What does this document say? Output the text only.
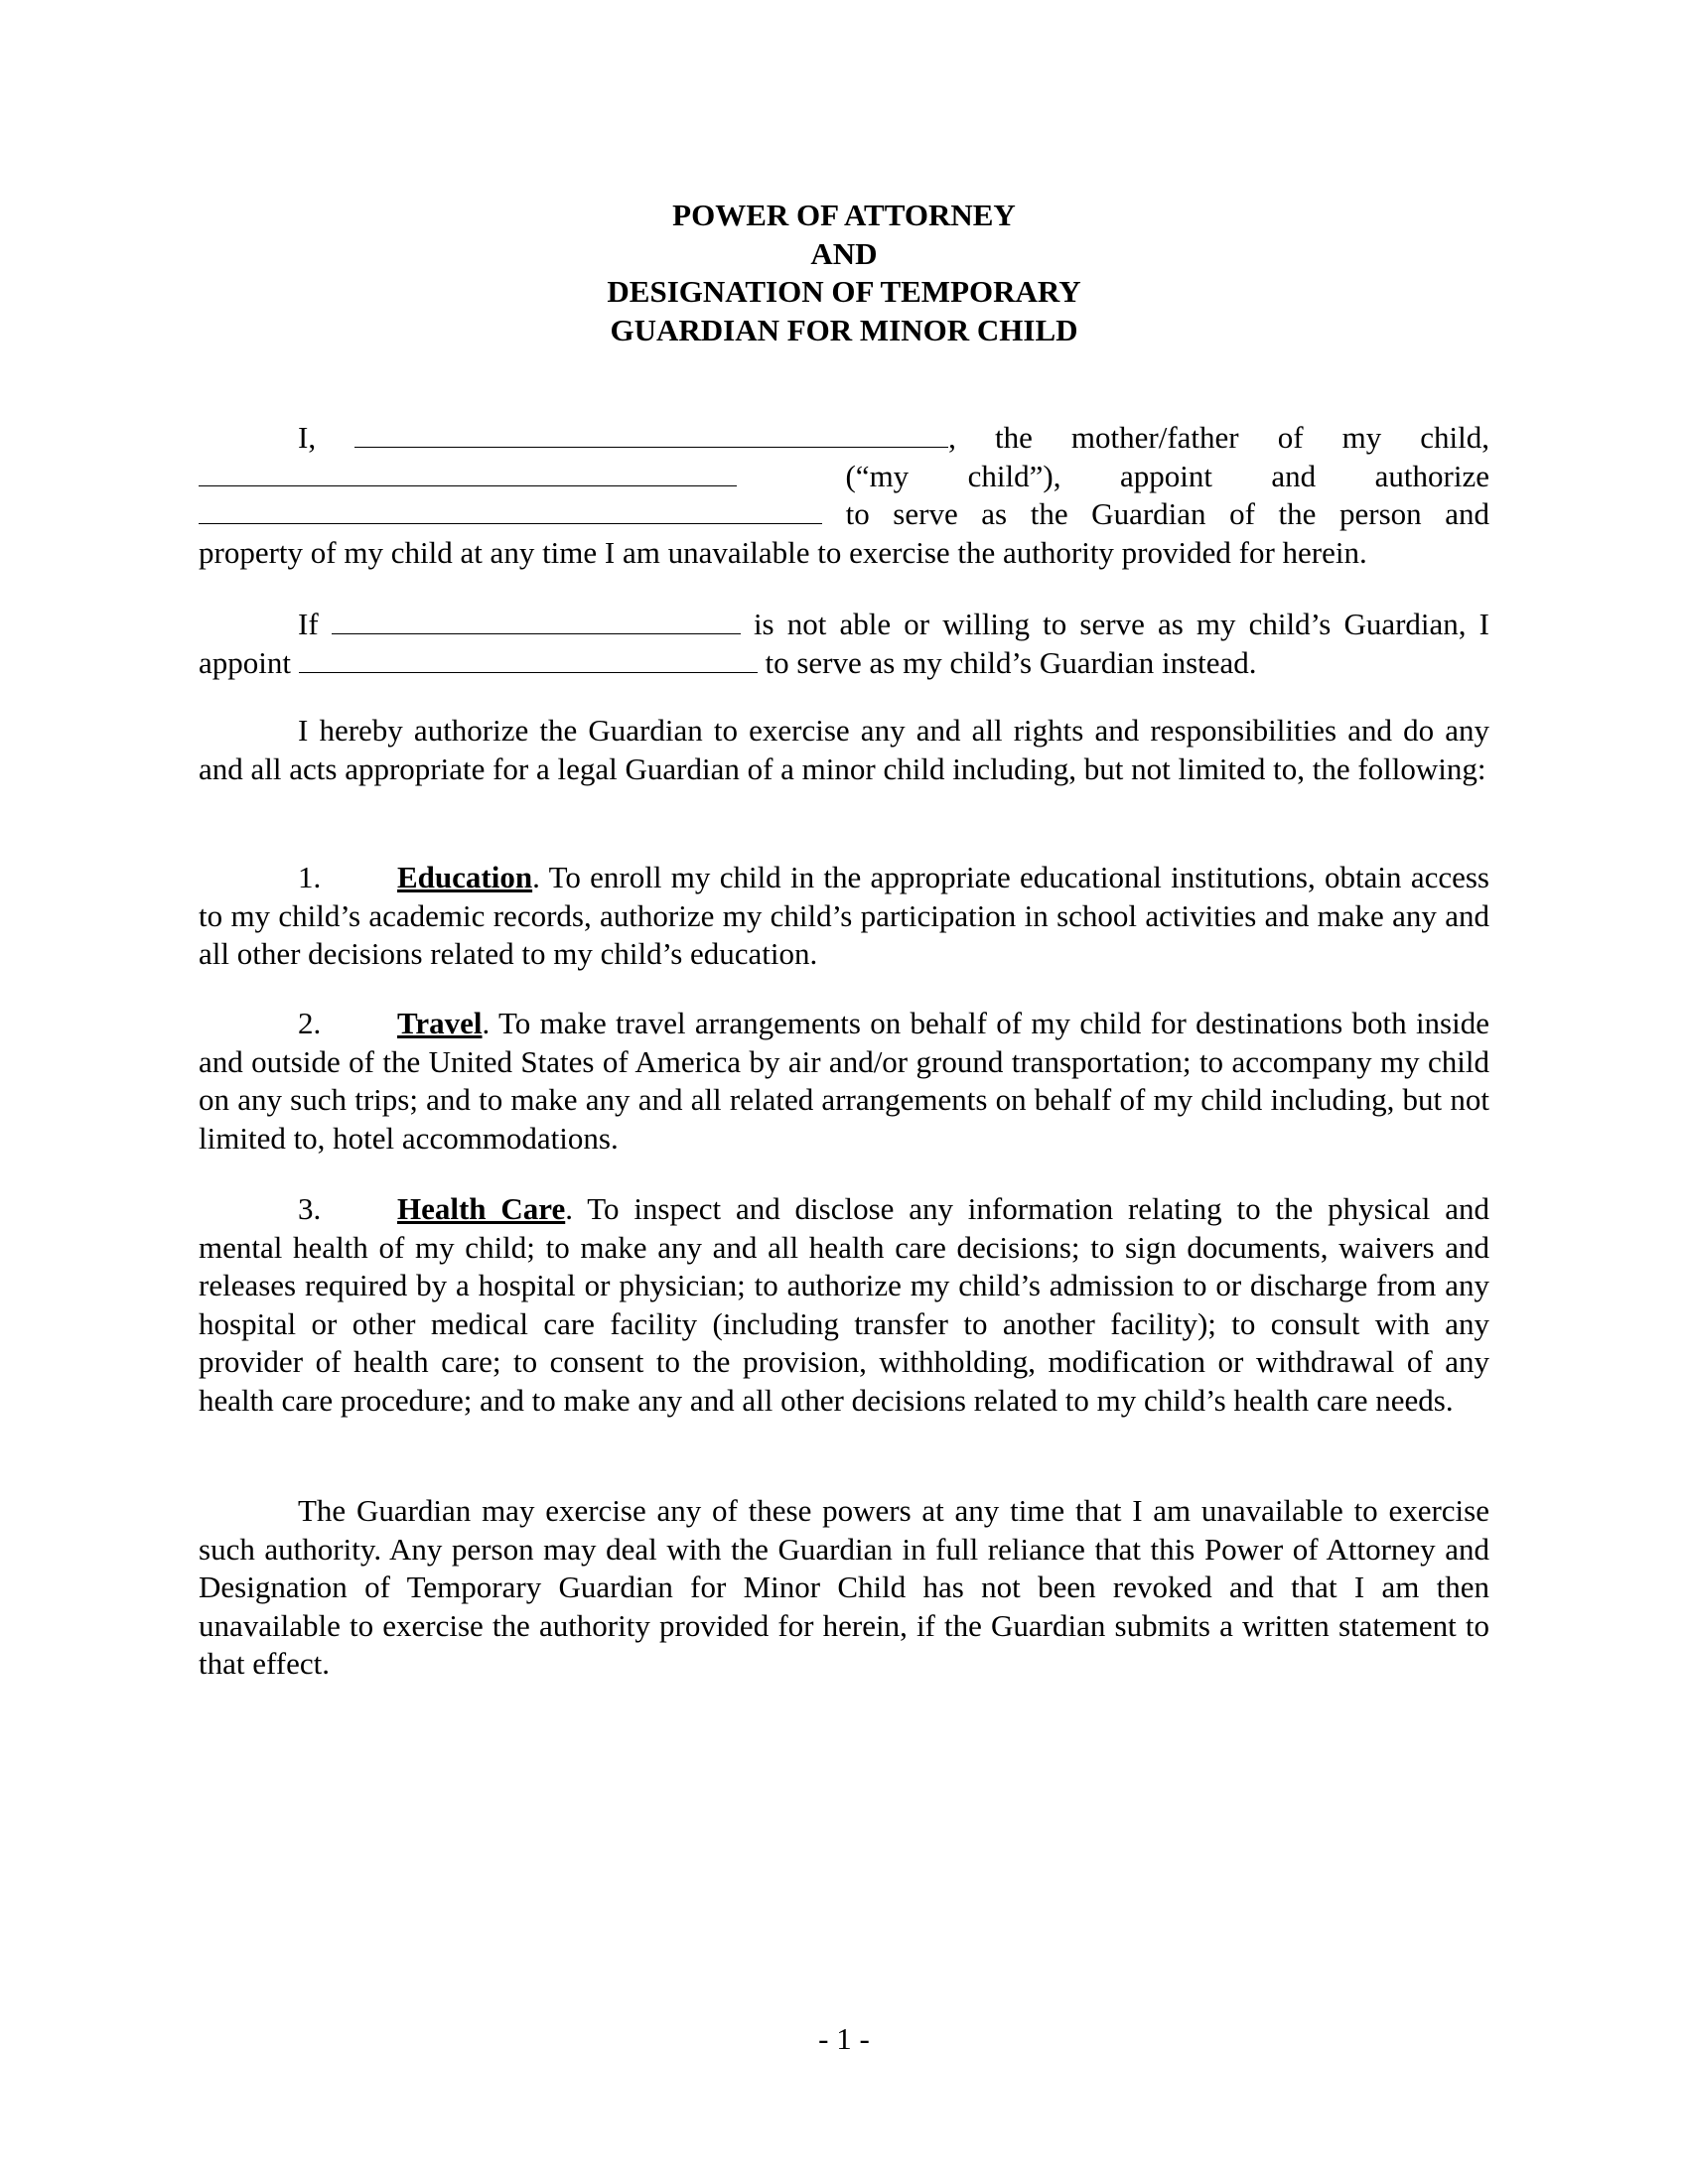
POWER OF ATTORNEY
AND
DESIGNATION OF TEMPORARY
GUARDIAN FOR MINOR CHILD
I,	, the mother/father of my child,
(“my child”), appoint and authorize
to serve as the Guardian of the person and
property of my child at any time I am unavailable to exercise the authority provided for herein.
If	is not able or willing to serve as my child’s Guardian, I
appoint	to serve as my child’s Guardian instead.
I hereby authorize the Guardian to exercise any and all rights and responsibilities and do any and all acts appropriate for a legal Guardian of a minor child including, but not limited to, the following:
1. Education. To enroll my child in the appropriate educational institutions, obtain access to my child’s academic records, authorize my child’s participation in school activities and make any and all other decisions related to my child’s education.
2. Travel. To make travel arrangements on behalf of my child for destinations both inside and outside of the United States of America by air and/or ground transportation; to accompany my child on any such trips; and to make any and all related arrangements on behalf of my child including, but not limited to, hotel accommodations.
3. Health Care. To inspect and disclose any information relating to the physical and mental health of my child; to make any and all health care decisions; to sign documents, waivers and releases required by a hospital or physician; to authorize my child’s admission to or discharge from any hospital or other medical care facility (including transfer to another facility); to consult with any provider of health care; to consent to the provision, withholding, modification or withdrawal of any health care procedure; and to make any and all other decisions related to my child’s health care needs.
The Guardian may exercise any of these powers at any time that I am unavailable to exercise such authority. Any person may deal with the Guardian in full reliance that this Power of Attorney and Designation of Temporary Guardian for Minor Child has not been revoked and that I am then unavailable to exercise the authority provided for herein, if the Guardian submits a written statement to that effect.
- 1 -
